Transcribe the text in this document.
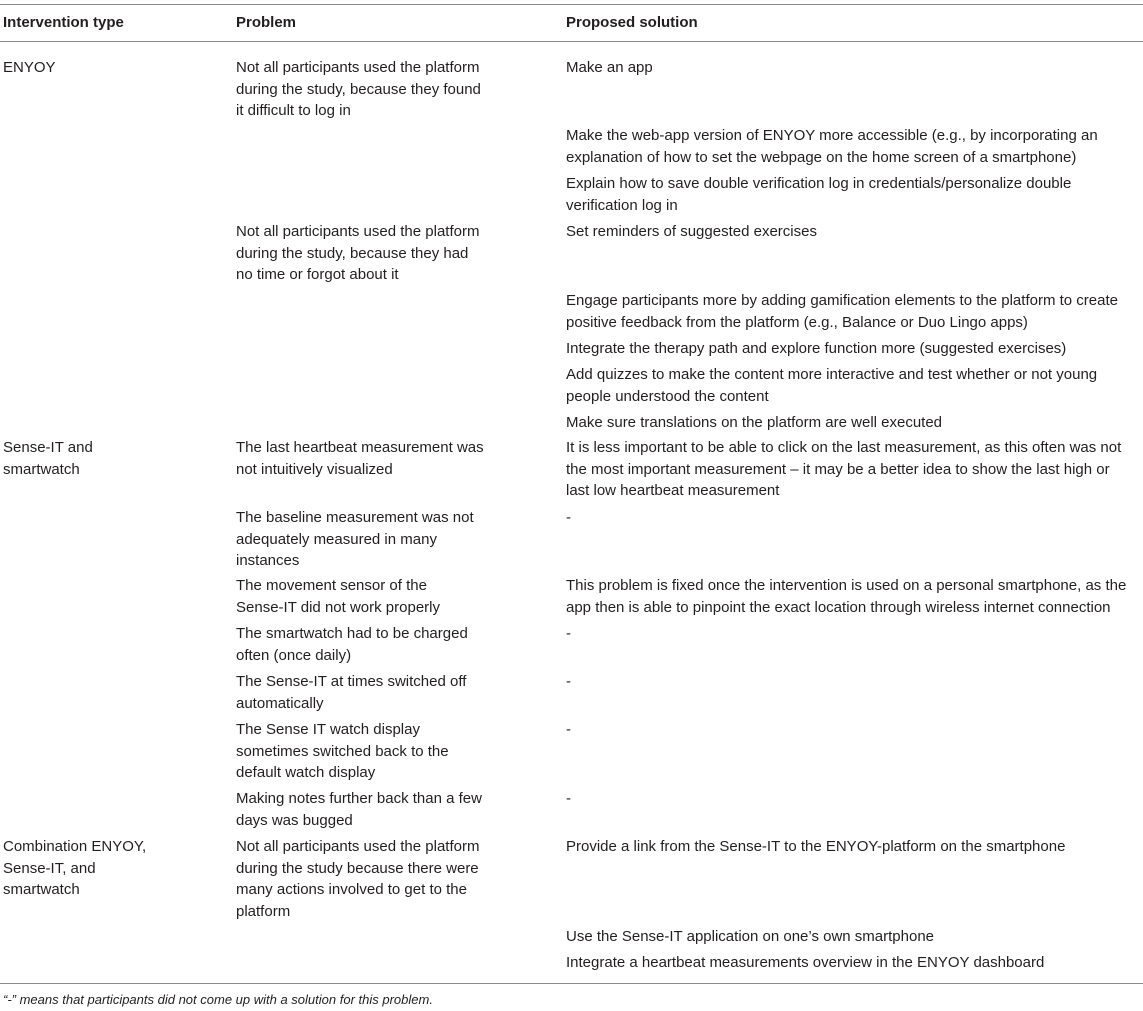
Intervention type	Problem	Proposed solution
ENYOY
Sense-IT and
smartwatch
Combination ENYOY,
Sense-IT, and
smartwatch
Not all participants used the platform
during the study, because they found
it difficult to log in
Not all participants used the platform
during the study, because they had
no time or forgot about it
The last heartbeat measurement was
not intuitively visualized
The baseline measurement was not
adequately measured in many
instances
The movement sensor of the
Sense-IT did not work properly
The smartwatch had to be charged
often (once daily)
The Sense-IT at times switched off
automatically
The Sense IT watch display
sometimes switched back to the
default watch display
Making notes further back than a few
days was bugged
Not all participants used the platform
during the study because there were
many actions involved to get to the
platform
Make an app
Make the web-app version of ENYOY more accessible (e.g., by incorporating an
explanation of how to set the webpage on the home screen of a smartphone)
Explain how to save double verification log in credentials/personalize double
verification log in
Set reminders of suggested exercises
Engage participants more by adding gamification elements to the platform to create
positive feedback from the platform (e.g., Balance or Duo Lingo apps)
Integrate the therapy path and explore function more (suggested exercises)
Add quizzes to make the content more interactive and test whether or not young
people understood the content
Make sure translations on the platform are well executed
It is less important to be able to click on the last measurement, as this often was not
the most important measurement – it may be a better idea to show the last high or
last low heartbeat measurement
-
This problem is fixed once the intervention is used on a personal smartphone, as the
app then is able to pinpoint the exact location through wireless internet connection
-
-
-
-
Provide a link from the Sense-IT to the ENYOY-platform on the smartphone
Use the Sense-IT application on one’s own smartphone
Integrate a heartbeat measurements overview in the ENYOY dashboard
“-” means that participants did not come up with a solution for this problem.
